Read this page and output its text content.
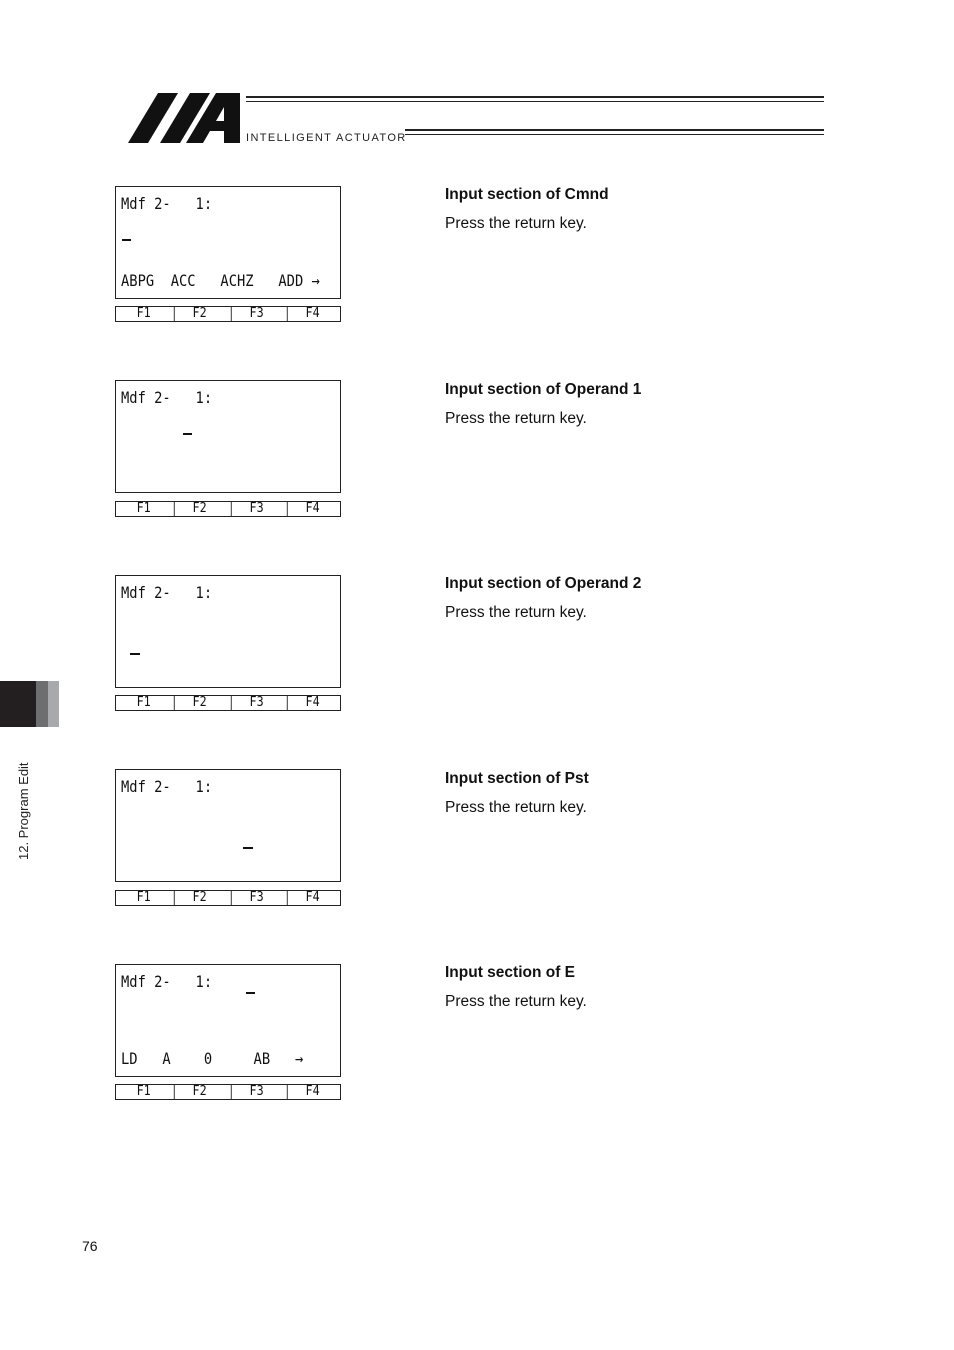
INTELLIGENT ACTUATOR
12. Program Edit
Mdf 2-   1:
ABPG  ACC   ACHZ   ADD →
F1	F2	F3	F4
Input section of Cmnd
Press the return key.
Mdf 2-   1:
F1	F2	F3	F4
Input section of Operand 1
Press the return key.
Mdf 2-   1:
F1	F2	F3	F4
Input section of Operand 2
Press the return key.
Mdf 2-   1:
F1	F2	F3	F4
Input section of Pst
Press the return key.
Mdf 2-   1:
LD   A    0     AB   →
F1	F2	F3	F4
Input section of E
Press the return key.
76
